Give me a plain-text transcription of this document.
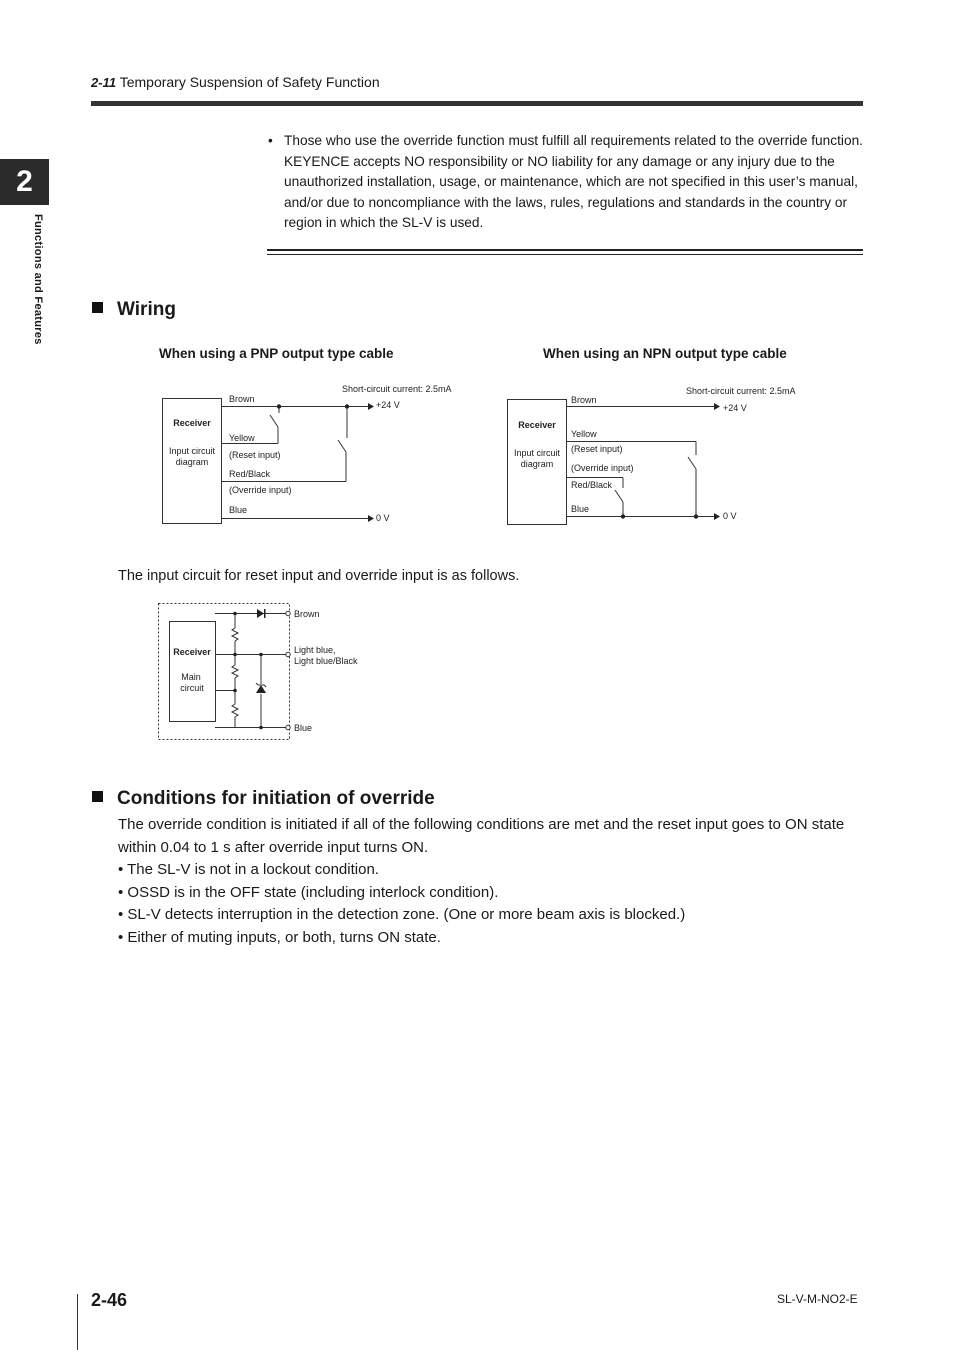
2-11 Temporary Suspension of Safety Function
2
Functions and Features
• Those who use the override function must fulfill all requirements related to the override function. KEYENCE accepts NO responsibility or NO liability for any damage or any injury due to the unauthorized installation, usage, or maintenance, which are not specified in this user’s manual, and/or due to noncompliance with the laws, rules, regulations and standards in the country or region in which the SL-V is used.
Wiring
When using a PNP output type cable	When using an NPN output type cable
Receiver
Input circuit
diagram
Short-circuit current: 2.5mA
Brown
+24 V
Yellow
(Reset input)
Red/Black
(Override input)
Blue
0 V
Receiver
Input circuit
diagram
Short-circuit current: 2.5mA
Brown
+24 V
Yellow
(Reset input)
(Override input)
Red/Black
Blue
0 V
The input circuit for reset input and override input is as follows.
Receiver
Main
circuit
Brown
Light blue,
Light blue/Black
Blue
Conditions for initiation of override

The override condition is initiated if all of the following conditions are met and the reset input goes to ON state within 0.04 to 1 s after override input turns ON.

• The SL-V is not in a lockout condition.

• OSSD is in the OFF state (including interlock condition).

• SL-V detects interruption in the detection zone. (One or more beam axis is blocked.)

• Either of muting inputs, or both, turns ON state.

2-46	SL-V-M-NO2-E
